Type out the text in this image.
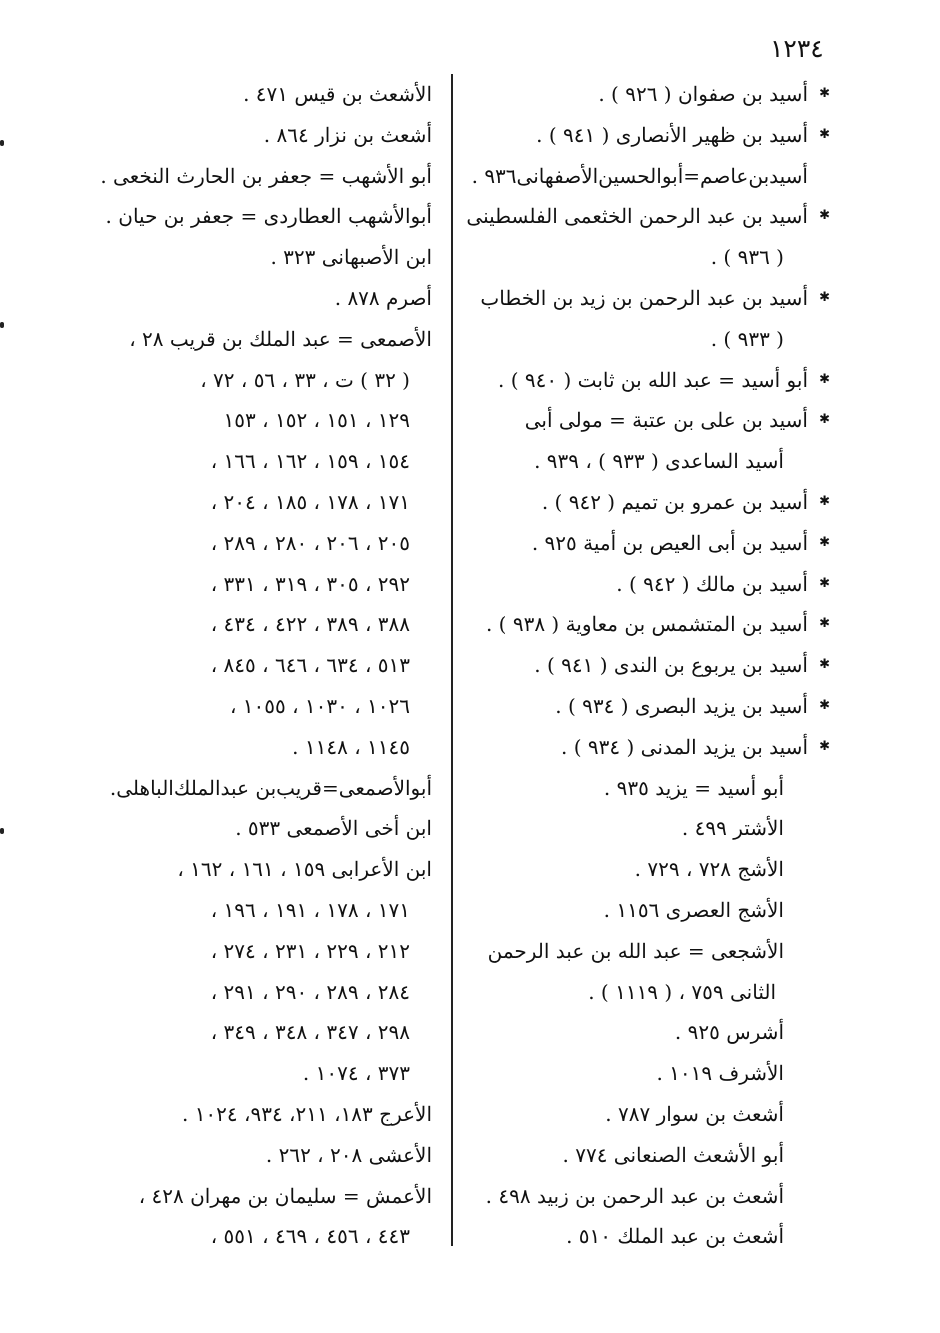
١٢٣٤
✱
أسيد بن صفوان ( ٩٢٦ ) .
✱
أسيد بن ظهير الأنصارى ( ٩٤١ ) .
أسيدبن‌عاصم=أبوالحسين‌الأصفهانى٩٣٦ .
✱
أسيد بن عبد الرحمن الخثعمى الفلسطينى
( ٩٣٦ ) .
✱
أسيد بن عبد الرحمن بن زيد بن الخطاب
( ٩٣٣ ) .
✱
أبو أسيد = عبد الله بن ثابت ( ٩٤٠ ) .
✱
أسيد بن على بن عتبة = مولى أبى
أسيد الساعدى ( ٩٣٣ ) ، ٩٣٩ .
✱
أسيد بن عمرو بن تميم ( ٩٤٢ ) .
✱
أسيد بن أبى العيص بن أمية ٩٢٥ .
✱
أسيد بن مالك ( ٩٤٢ ) .
✱
أسيد بن المتشمس بن معاوية ( ٩٣٨ ) .
✱
أسيد بن يربوع بن الندى ( ٩٤١ ) .
✱
أسيد بن يزيد البصرى ( ٩٣٤ ) .
✱
أسيد بن يزيد المدنى ( ٩٣٤ ) .
أبو أسيد = يزيد ٩٣٥ .
الأشتر ٤٩٩ .
الأشج ٧٢٨ ، ٧٢٩ .
الأشج العصرى ١١٥٦ .
الأشجعى = عبد الله بن عبد الرحمن
الثانى ٧٥٩ ، ( ١١١٩ ) .
أشرس ٩٢٥ .
الأشرف ١٠١٩ .
أشعث بن سوار ٧٨٧ .
أبو الأشعث الصنعانى ٧٧٤ .
أشعث بن عبد الرحمن بن زبيد ٤٩٨ .
أشعث بن عبد الملك ٥١٠ .
الأشعث بن قيس ٤٧١ .
أشعث بن نزار ٨٦٤ .
أبو الأشهب = جعفر بن الحارث النخعى .
أبوالأشهب العطاردى = جعفر بن حيان .
ابن الأصبهانى ٣٢٣ .
أصرم ٨٧٨ .
الأصمعى = عبد الملك بن قريب ٢٨ ،
( ٣٢ ) ت ، ٣٣ ، ٥٦ ، ٧٢ ،
١٢٩ ، ١٥١ ، ١٥٢ ، ١٥٣
١٥٤ ، ١٥٩ ، ١٦٢ ، ١٦٦ ،
١٧١ ، ١٧٨ ، ١٨٥ ، ٢٠٤ ،
٢٠٥ ، ٢٠٦ ، ٢٨٠ ، ٢٨٩ ،
٢٩٢ ، ٣٠٥ ، ٣١٩ ، ٣٣١ ،
٣٨٨ ، ٣٨٩ ، ٤٢٢ ، ٤٣٤ ،
٥١٣ ، ٦٣٤ ، ٦٤٦ ، ٨٤٥ ،
١٠٢٦ ، ١٠٣٠ ، ١٠٥٥ ،
١١٤٥ ، ١١٤٨ .
أبوالأصمعى=قريب‌بن عبدالملك‌الباهلى.
ابن أخى الأصمعى ٥٣٣ .
ابن الأعرابى ١٥٩ ، ١٦١ ، ١٦٢ ،
١٧١ ، ١٧٨ ، ١٩١ ، ١٩٦ ،
٢١٢ ، ٢٢٩ ، ٢٣١ ، ٢٧٤ ،
٢٨٤ ، ٢٨٩ ، ٢٩٠ ، ٢٩١ ،
٢٩٨ ، ٣٤٧ ، ٣٤٨ ، ٣٤٩ ،
٣٧٣ ، ١٠٧٤ .
الأعرج ١٨٣، ٢١١، ٩٣٤، ١٠٢٤ .
الأعشى ٢٠٨ ، ٢٦٢ .
الأعمش = سليمان بن مهران ٤٢٨ ،
٤٤٣ ، ٤٥٦ ، ٤٦٩ ، ٥٥١ ،
